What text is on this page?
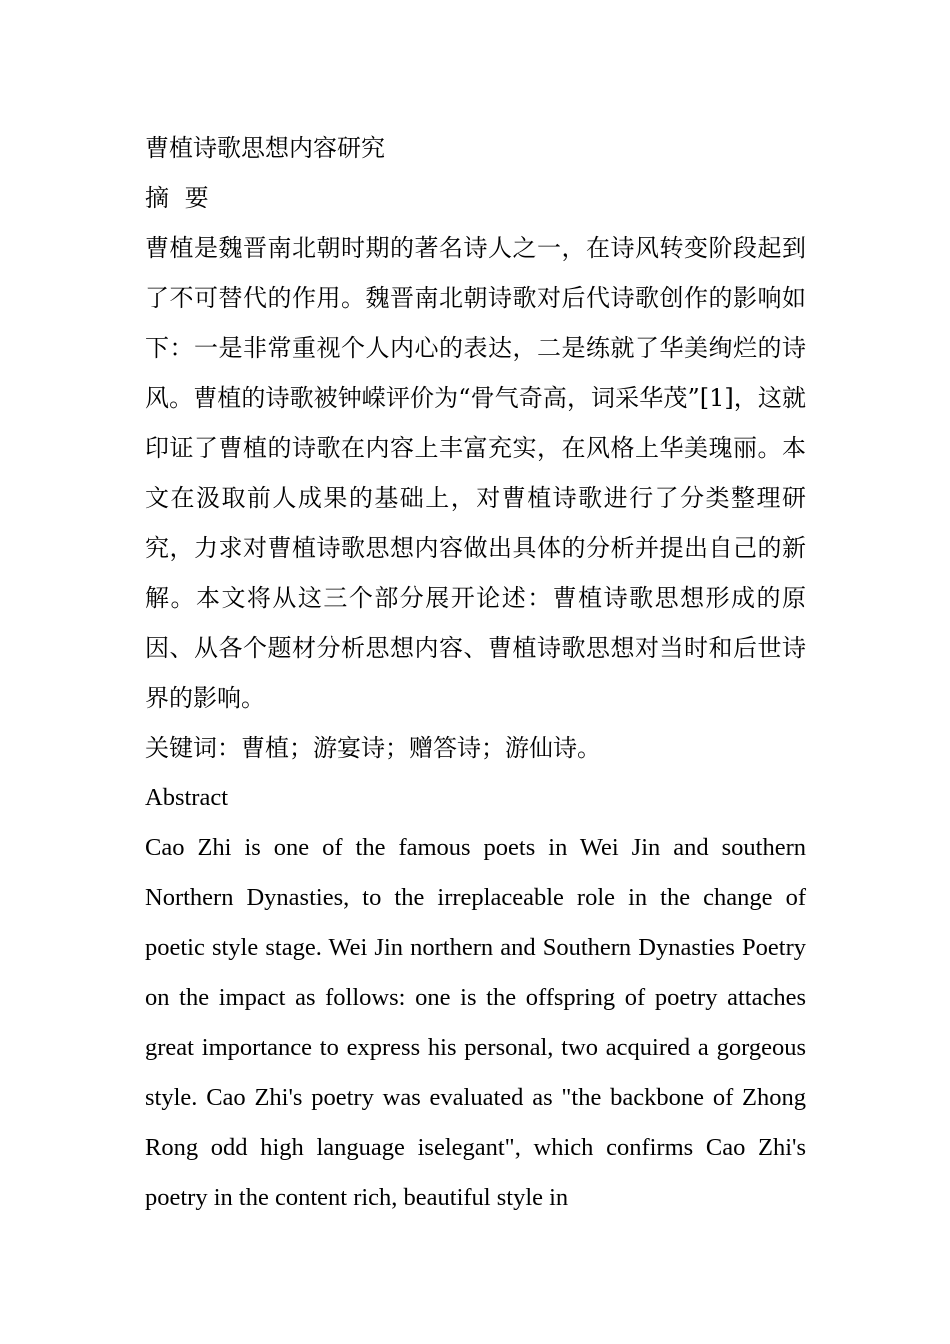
曹植诗歌思想内容研究

摘 要

曹植是魏晋南北朝时期的著名诗人之一，在诗风转变阶段起到了不可替代的作用。魏晋南北朝诗歌对后代诗歌创作的影响如下：一是非常重视个人内心的表达，二是练就了华美绚烂的诗风。曹植的诗歌被钟嵘评价为“骨气奇高，词采华茂”[1]，这就印证了曹植的诗歌在内容上丰富充实，在风格上华美瑰丽。本文在汲取前人成果的基础上，对曹植诗歌进行了分类整理研究，力求对曹植诗歌思想内容做出具体的分析并提出自己的新解。本文将从这三个部分展开论述：曹植诗歌思想形成的原因、从各个题材分析思想内容、曹植诗歌思想对当时和后世诗界的影响。

关键词：曹植；游宴诗；赠答诗；游仙诗。

Abstract

Cao Zhi is one of the famous poets in Wei Jin and southern Northern Dynasties, to the irreplaceable role in the change of poetic style stage. Wei Jin northern and Southern Dynasties Poetry on the impact as follows: one is the offspring of poetry attaches great importance to express his personal, two acquired a gorgeous style. Cao Zhi's poetry was evaluated as "the backbone of Zhong Rong odd high language iselegant", which confirms Cao Zhi's poetry in the content rich, beautiful style in
